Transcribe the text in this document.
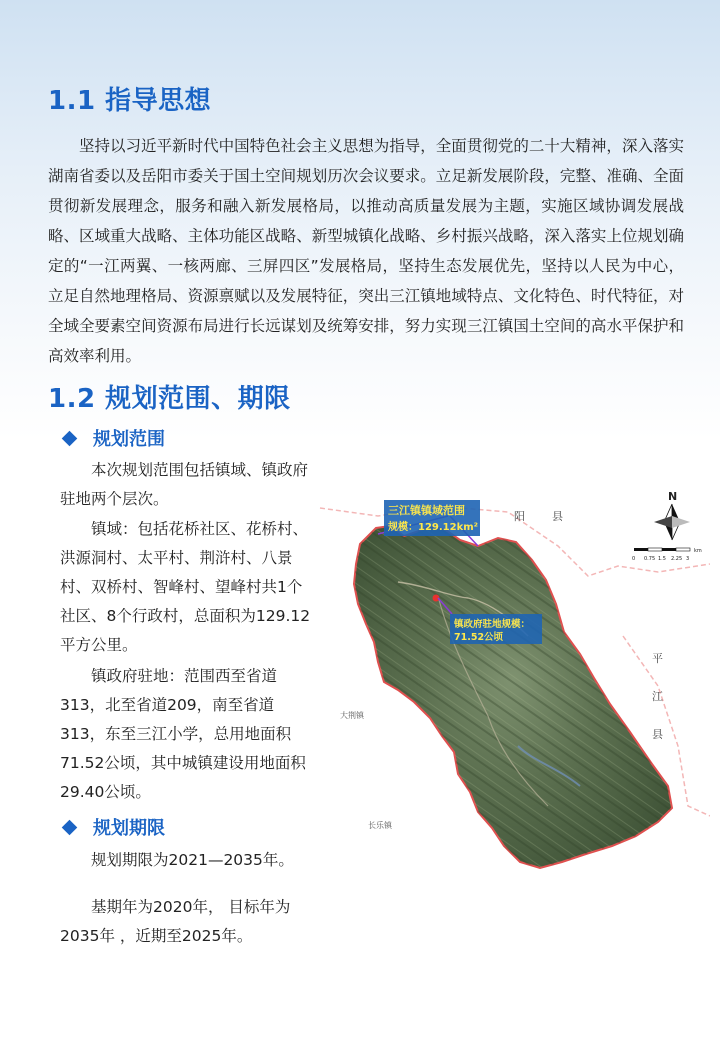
1.1 指导思想

坚持以习近平新时代中国特色社会主义思想为指导，全面贯彻党的二十大精神，深入落实湖南省委以及岳阳市委关于国土空间规划历次会议要求。立足新发展阶段，完整、准确、全面贯彻新发展理念，服务和融入新发展格局，以推动高质量发展为主题，实施区域协调发展战略、区域重大战略、主体功能区战略、新型城镇化战略、乡村振兴战略，深入落实上位规划确定的“一江两翼、一核两廊、三屏四区”发展格局，坚持生态发展优先，坚持以人民为中心，立足自然地理格局、资源禀赋以及发展特征，突出三江镇地域特点、文化特色、时代特征，对全域全要素空间资源布局进行长远谋划及统筹安排，努力实现三江镇国土空间的高水平保护和高效率利用。

1.2 规划范围、期限
规划范围

本次规划范围包括镇域、镇政府驻地两个层次。

镇域：包括花桥社区、花桥村、洪源洞村、太平村、荆浒村、八景村、双桥村、智峰村、望峰村共1个社区、8个行政村，总面积为129.12平方公里。

镇政府驻地：范围西至省道313，北至省道209，南至省道313，东至三江小学，总用地面积71.52公顷，其中城镇建设用地面积29.40公顷。

规划期限

规划期限为2021—2035年。

基期年为2020年， 目标年为2035年 ，近期至2025年。

三江镇镇域范围
规模：129.12km²
镇政府驻地规模：
71.52公顷
阳 县
平
江
县
大荆镇
长乐镇
N
0 0.75 1.5 2.25 3
km
